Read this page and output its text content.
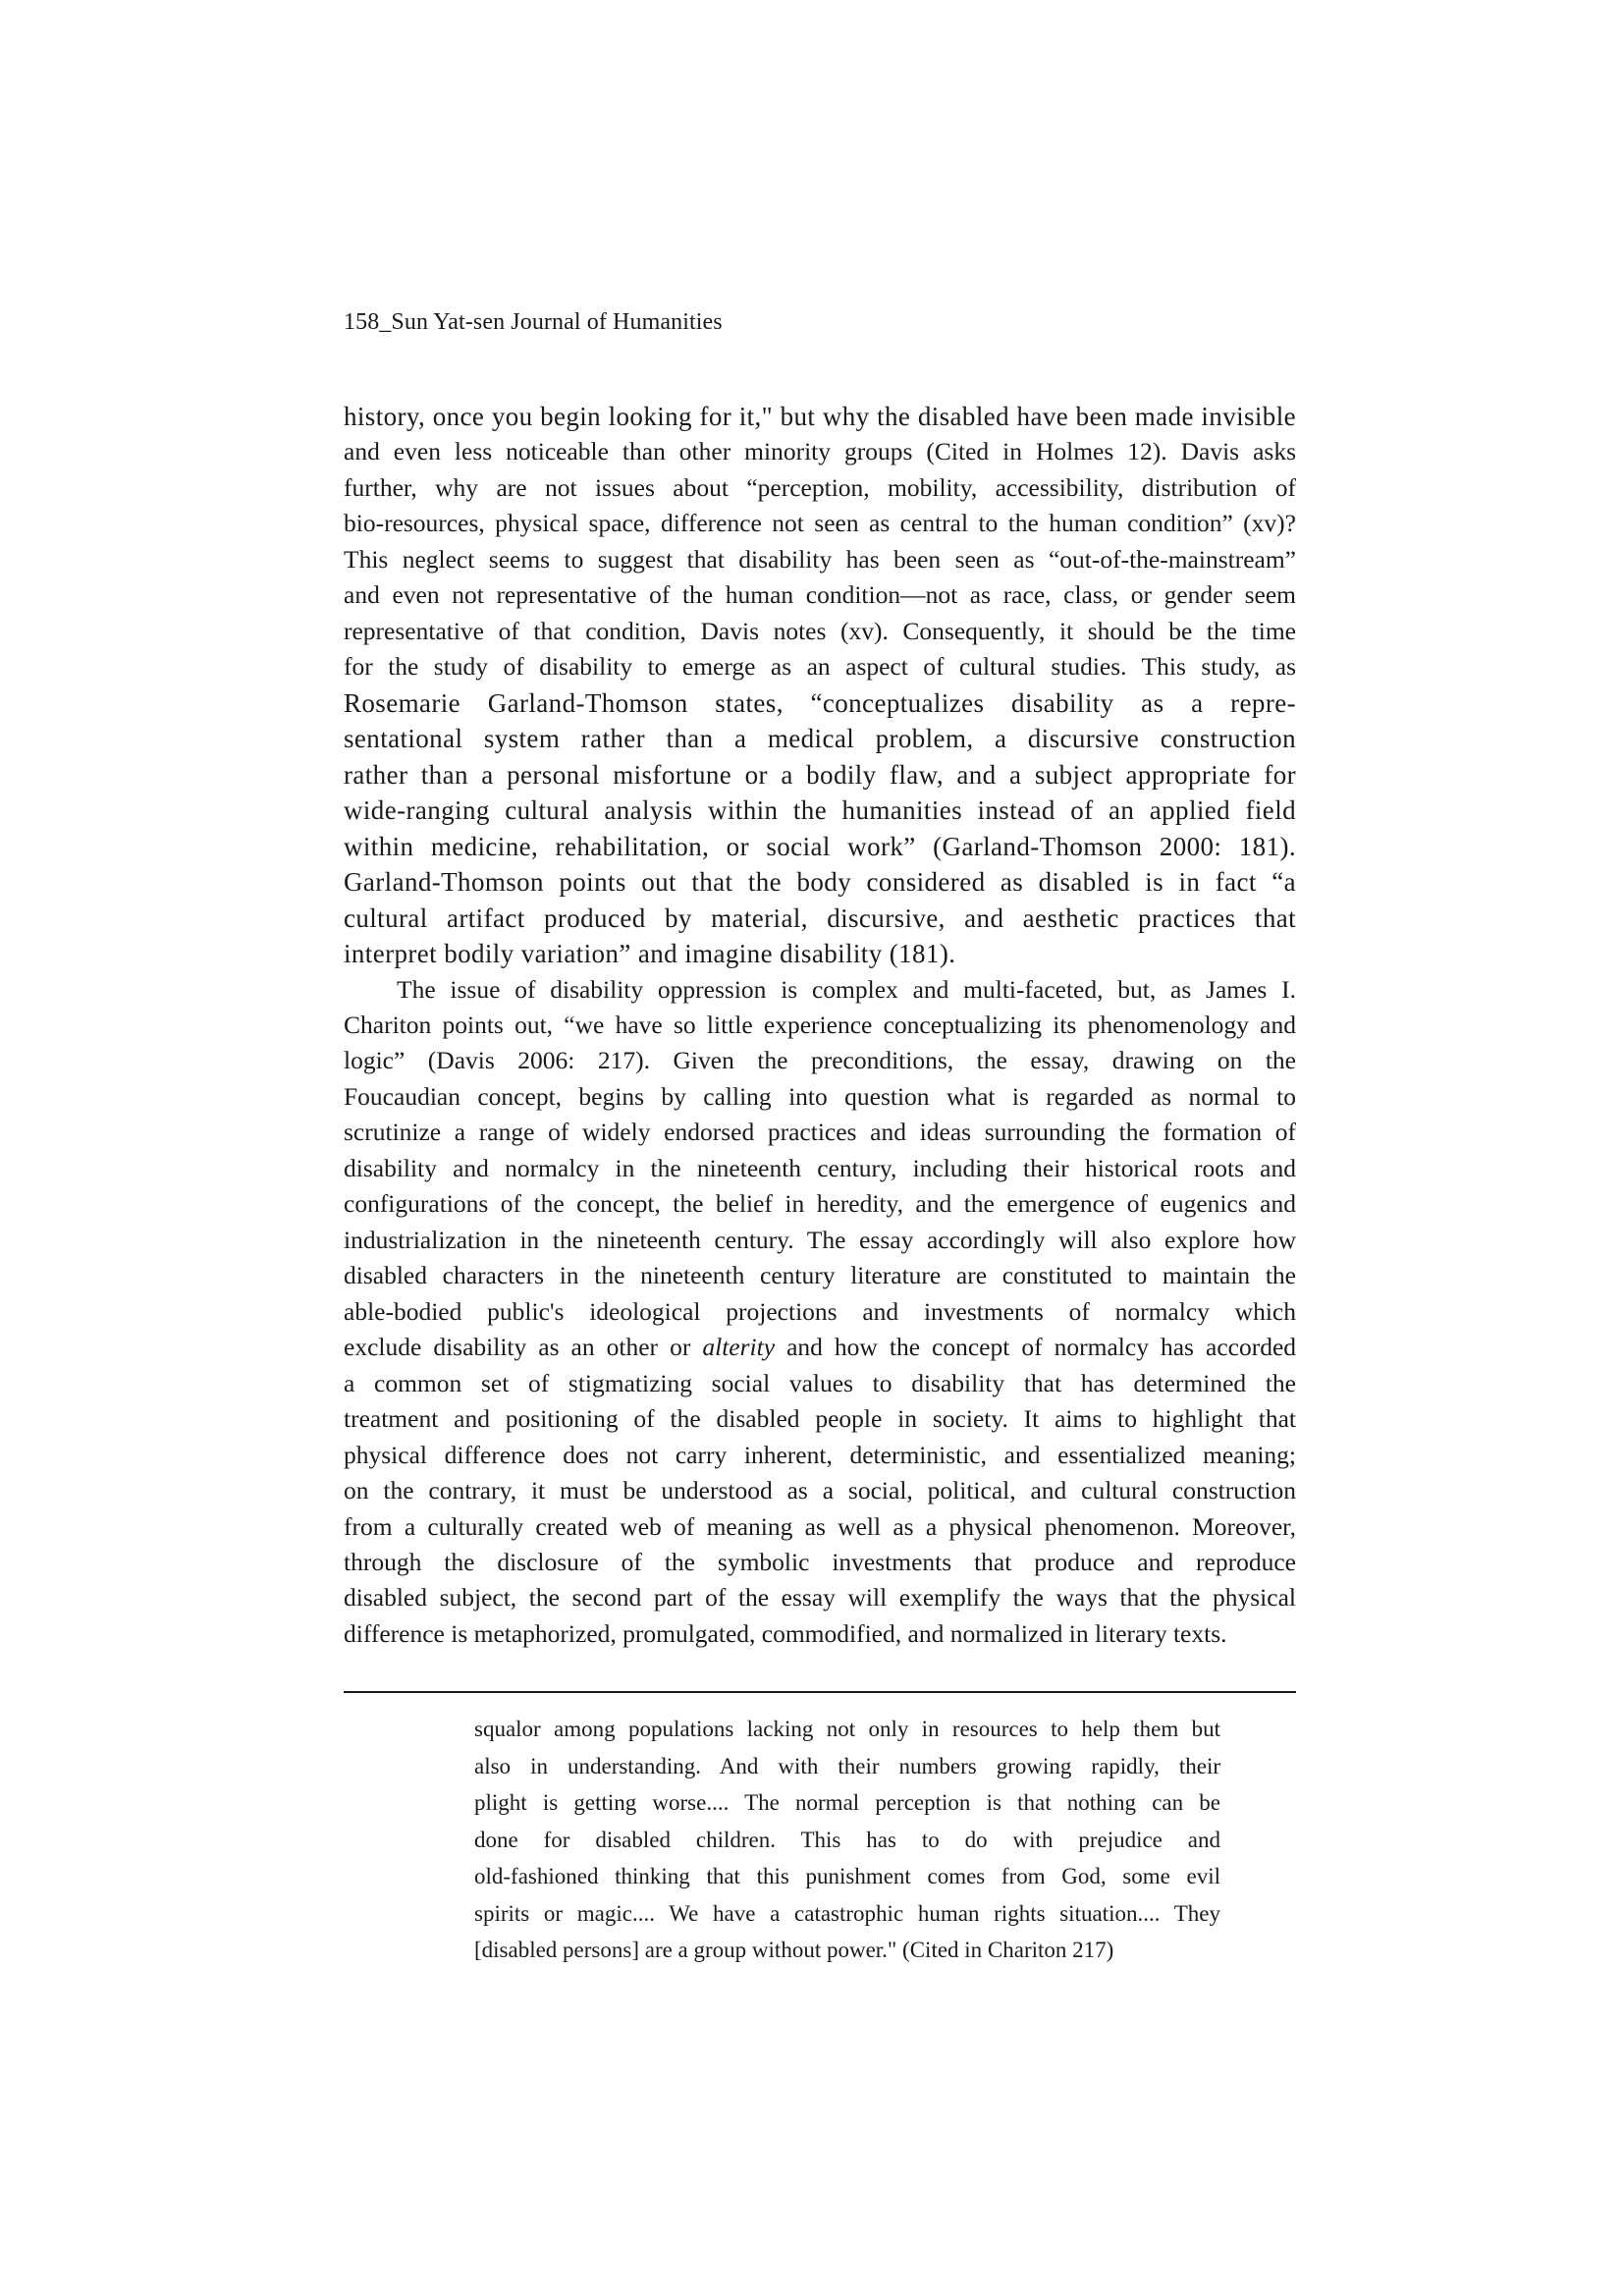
158_Sun Yat-sen Journal of Humanities
history, once you begin looking for it," but why the disabled have been made invisible
and even less noticeable than other minority groups (Cited in Holmes 12). Davis asks
further, why are not issues about “perception, mobility, accessibility, distribution of
bio-resources, physical space, difference not seen as central to the human condition” (xv)?
This neglect seems to suggest that disability has been seen as “out-of-the-mainstream”
and even not representative of the human condition—not as race, class, or gender seem
representative of that condition, Davis notes (xv). Consequently, it should be the time
for the study of disability to emerge as an aspect of cultural studies. This study, as
Rosemarie Garland-Thomson states, “conceptualizes disability as a repre-
sentational system rather than a medical problem, a discursive construction
rather than a personal misfortune or a bodily flaw, and a subject appropriate for
wide-ranging cultural analysis within the humanities instead of an applied field
within medicine, rehabilitation, or social work” (Garland-Thomson 2000: 181).
Garland-Thomson points out that the body considered as disabled is in fact “a
cultural artifact produced by material, discursive, and aesthetic practices that
interpret bodily variation” and imagine disability (181).
The issue of disability oppression is complex and multi-faceted, but, as James I.
Chariton points out, “we have so little experience conceptualizing its phenomenology and
logic” (Davis 2006: 217). Given the preconditions, the essay, drawing on the
Foucaudian concept, begins by calling into question what is regarded as normal to
scrutinize a range of widely endorsed practices and ideas surrounding the formation of
disability and normalcy in the nineteenth century, including their historical roots and
configurations of the concept, the belief in heredity, and the emergence of eugenics and
industrialization in the nineteenth century. The essay accordingly will also explore how
disabled characters in the nineteenth century literature are constituted to maintain the
able-bodied public's ideological projections and investments of normalcy which
exclude disability as an other or alterity and how the concept of normalcy has accorded
a common set of stigmatizing social values to disability that has determined the
treatment and positioning of the disabled people in society. It aims to highlight that
physical difference does not carry inherent, deterministic, and essentialized meaning;
on the contrary, it must be understood as a social, political, and cultural construction
from a culturally created web of meaning as well as a physical phenomenon. Moreover,
through the disclosure of the symbolic investments that produce and reproduce
disabled subject, the second part of the essay will exemplify the ways that the physical
difference is metaphorized, promulgated, commodified, and normalized in literary texts.
squalor among populations lacking not only in resources to help them but
also in understanding. And with their numbers growing rapidly, their
plight is getting worse.... The normal perception is that nothing can be
done for disabled children. This has to do with prejudice and
old-fashioned thinking that this punishment comes from God, some evil
spirits or magic.... We have a catastrophic human rights situation.... They
[disabled persons] are a group without power." (Cited in Chariton 217)
